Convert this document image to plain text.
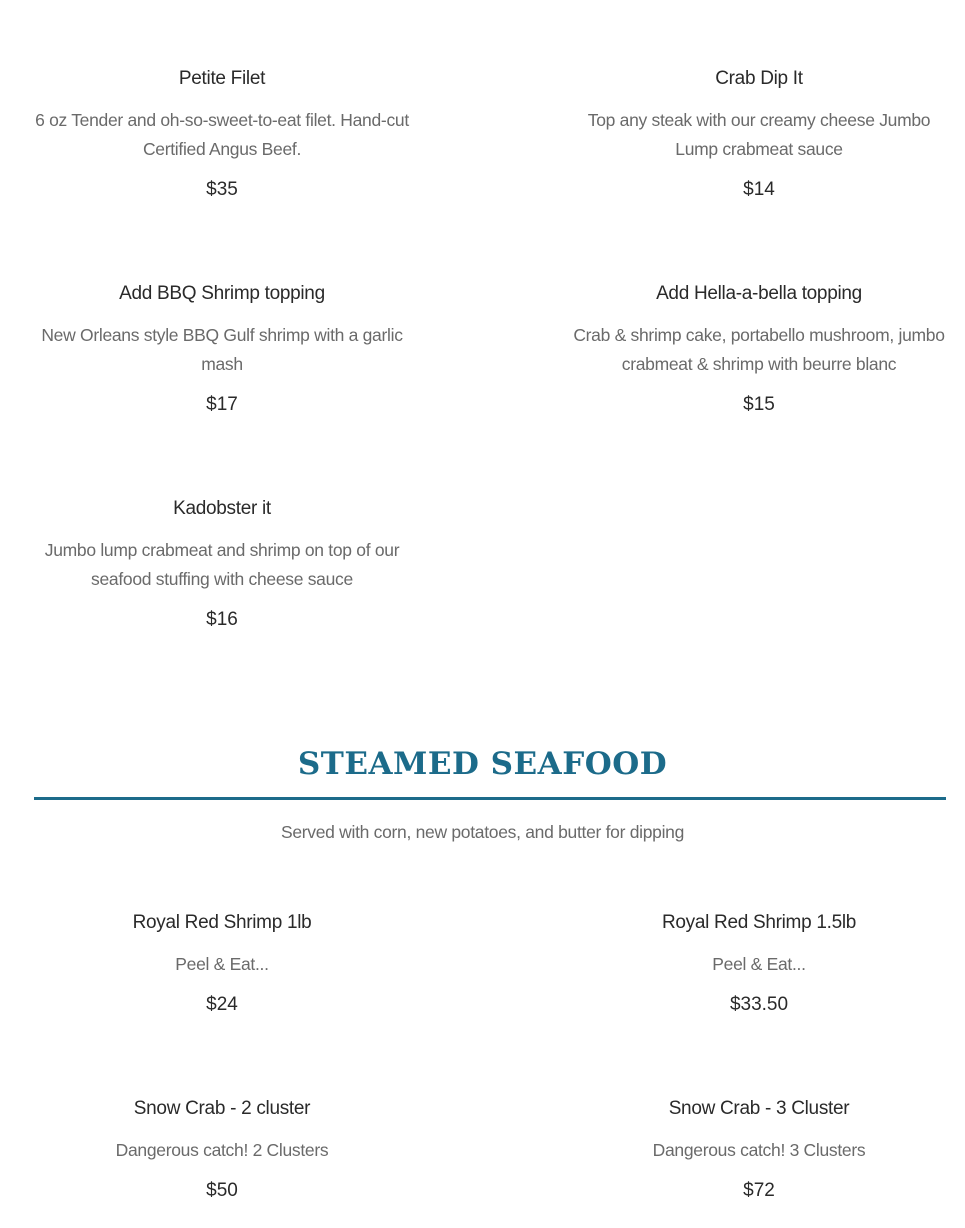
Petite Filet
6 oz Tender and oh-so-sweet-to-eat filet. Hand-cut Certified Angus Beef.
$35
Crab Dip It
Top any steak with our creamy cheese Jumbo Lump crabmeat sauce
$14
Add BBQ Shrimp topping
New Orleans style BBQ Gulf shrimp with a garlic mash
$17
Add Hella-a-bella topping
Crab & shrimp cake, portabello mushroom, jumbo crabmeat & shrimp with beurre blanc
$15
Kadobster it
Jumbo lump crabmeat and shrimp on top of our seafood stuffing with cheese sauce
$16
STEAMED SEAFOOD
Served with corn, new potatoes, and butter for dipping
Royal Red Shrimp 1lb
Peel & Eat...
$24
Royal Red Shrimp 1.5lb
Peel & Eat...
$33.50
Snow Crab - 2 cluster
Dangerous catch! 2 Clusters
$50
Snow Crab - 3 Cluster
Dangerous catch! 3 Clusters
$72
